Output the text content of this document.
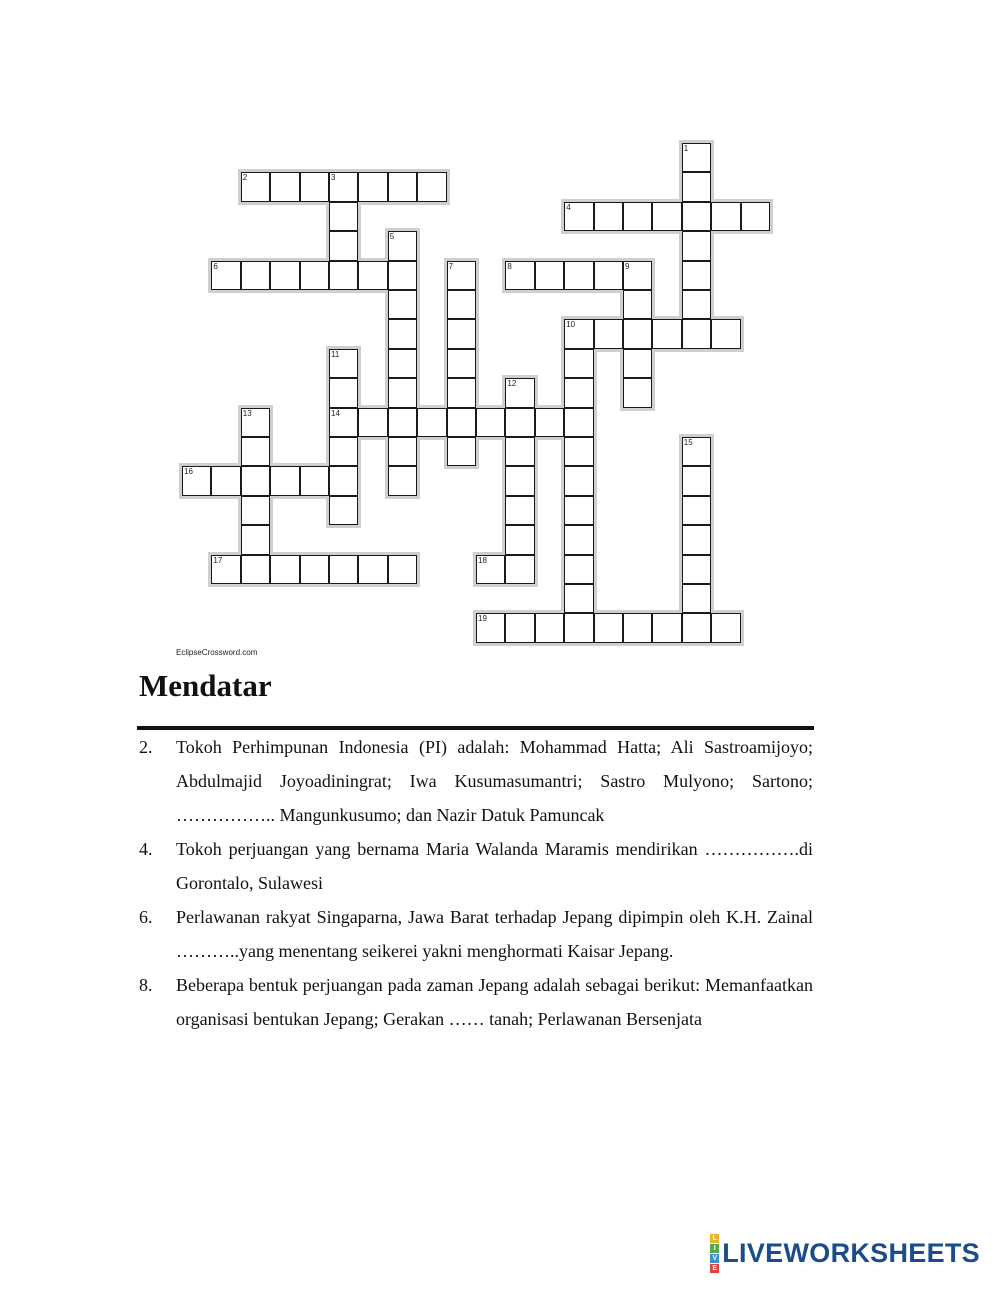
2	3
4
6	8	9
10
14
16
17	18
19
1
5
7
11
12
13
15
EclipseCrossword.com
Mendatar
2. Tokoh Perhimpunan Indonesia (PI) adalah: Mohammad Hatta; Ali Sastroamijoyo; Abdulmajid Joyoadiningrat; Iwa Kusumasumantri; Sastro Mulyono; Sartono; …………….. Mangunkusumo; dan Nazir Datuk Pamuncak
4. Tokoh perjuangan yang bernama Maria Walanda Maramis mendirikan …………….di Gorontalo, Sulawesi
6. Perlawanan rakyat Singaparna, Jawa Barat terhadap Jepang dipimpin oleh K.H. Zainal ………..yang menentang seikerei yakni menghormati Kaisar Jepang.
8. Beberapa bentuk perjuangan pada zaman Jepang adalah sebagai berikut: Memanfaatkan organisasi bentukan Jepang; Gerakan …… tanah; Perlawanan Bersenjata
L
I
V
E
LIVEWORKSHEETS
